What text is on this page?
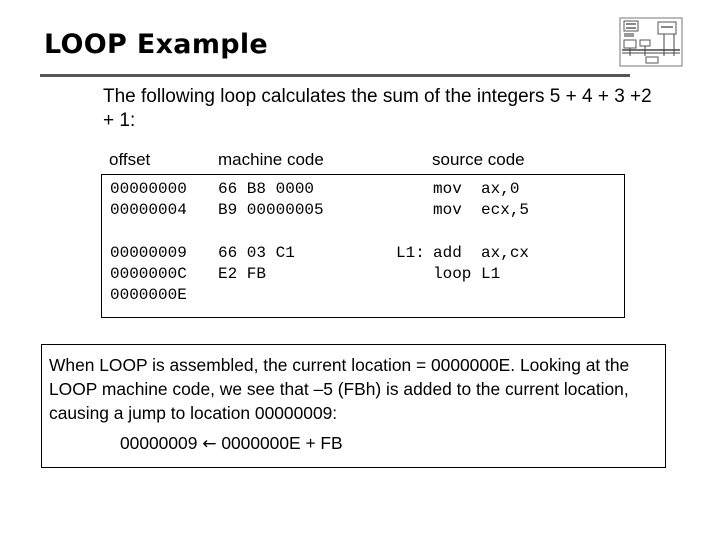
LOOP Example
The following loop calculates the sum of the integers 5 + 4 + 3 +2 + 1:
offset	machine code	source code
00000000 66 B8 0000	mov  ax,0
00000004 B9 00000005	mov  ecx,5
00000009 66 03 C1	L1: add  ax,cx
0000000C E2 FB	loop L1
0000000E
When LOOP is assembled, the current location = 0000000E. Looking at the LOOP machine code, we see that –5 (FBh) is added to the current location, causing a jump to location 00000009:
00000009 ← 0000000E + FB
